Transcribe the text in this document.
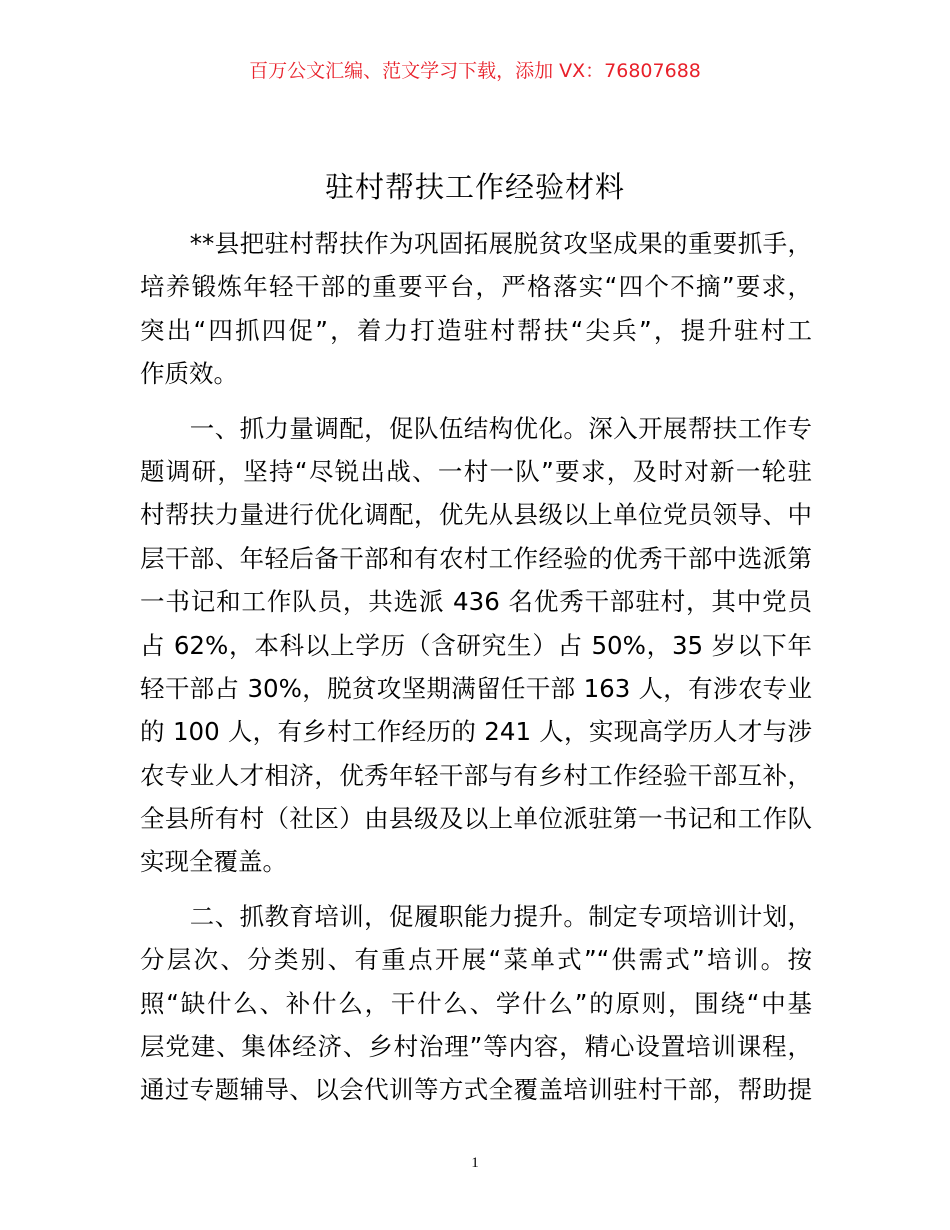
百万公文汇编、范文学习下载，添加 VX：76807688
驻村帮扶工作经验材料
　　**县把驻村帮扶作为巩固拓展脱贫攻坚成果的重要抓手，
培养锻炼年轻干部的重要平台，严格落实“四个不摘”要求，
突出“四抓四促”，着力打造驻村帮扶“尖兵”，提升驻村工
作质效。
　　一、抓力量调配，促队伍结构优化。深入开展帮扶工作专
题调研，坚持“尽锐出战、一村一队”要求，及时对新一轮驻
村帮扶力量进行优化调配，优先从县级以上单位党员领导、中
层干部、年轻后备干部和有农村工作经验的优秀干部中选派第
一书记和工作队员，共选派 436 名优秀干部驻村，其中党员
占 62%，本科以上学历（含研究生）占 50%，35 岁以下年
轻干部占 30%，脱贫攻坚期满留任干部 163 人，有涉农专业
的 100 人，有乡村工作经历的 241 人，实现高学历人才与涉
农专业人才相济，优秀年轻干部与有乡村工作经验干部互补，
全县所有村（社区）由县级及以上单位派驻第一书记和工作队
实现全覆盖。
　　二、抓教育培训，促履职能力提升。制定专项培训计划，
分层次、分类别、有重点开展“菜单式”“供需式”培训。按
照“缺什么、补什么，干什么、学什么”的原则，围绕“中基
层党建、集体经济、乡村治理”等内容，精心设置培训课程，
通过专题辅导、以会代训等方式全覆盖培训驻村干部，帮助提
1
